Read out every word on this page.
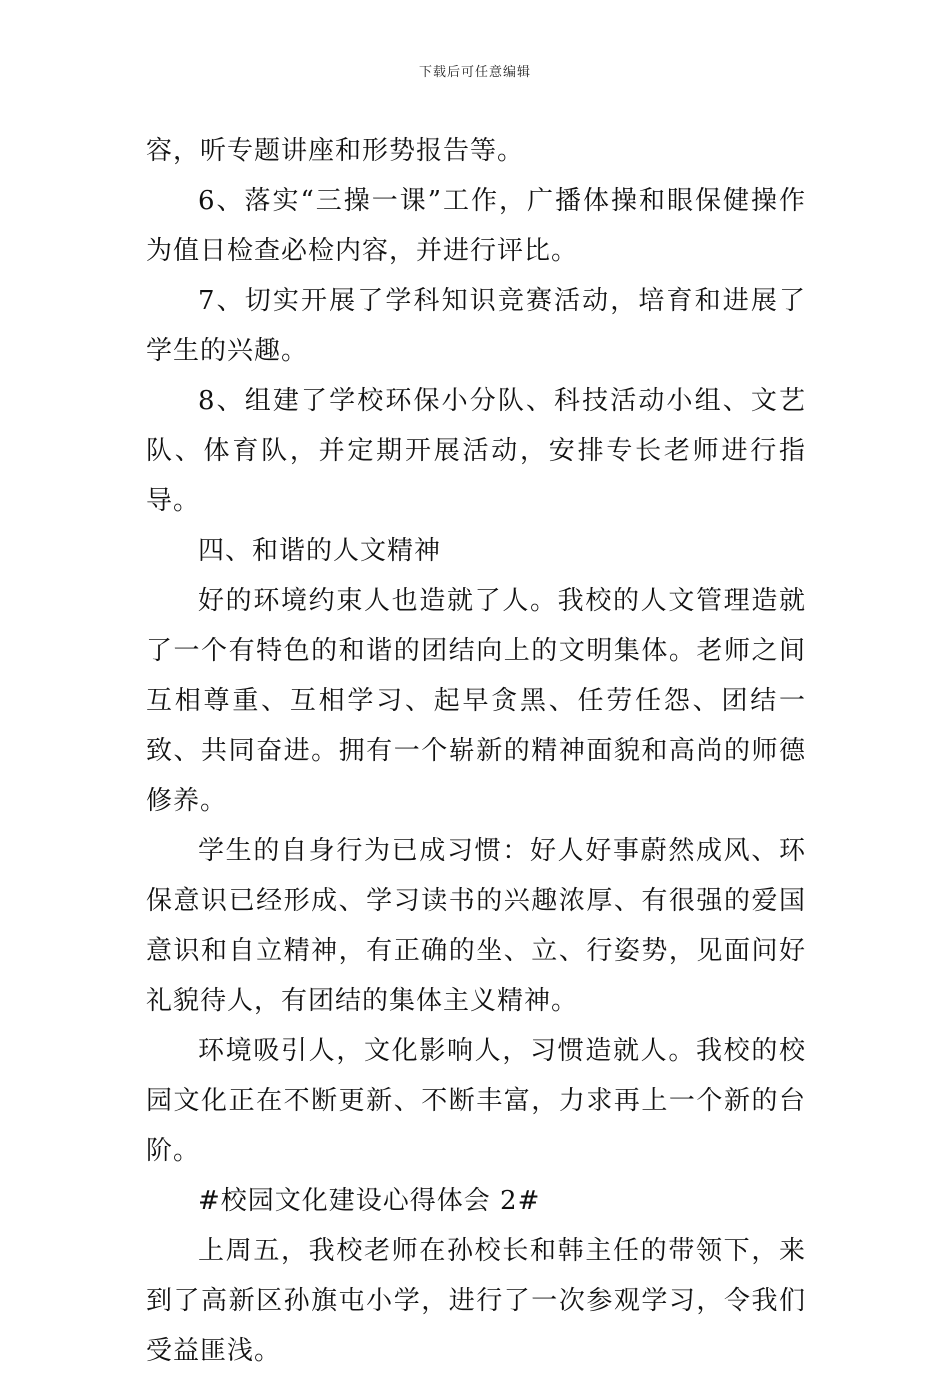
下载后可任意编辑

容，听专题讲座和形势报告等。

6、落实“三操一课”工作，广播体操和眼保健操作为值日检查必检内容，并进行评比。

7、切实开展了学科知识竞赛活动，培育和进展了学生的兴趣。

8、组建了学校环保小分队、科技活动小组、文艺队、体育队，并定期开展活动，安排专长老师进行指导。

四、和谐的人文精神

好的环境约束人也造就了人。我校的人文管理造就了一个有特色的和谐的团结向上的文明集体。老师之间互相尊重、互相学习、起早贪黑、任劳任怨、团结一致、共同奋进。拥有一个崭新的精神面貌和高尚的师德修养。

学生的自身行为已成习惯：好人好事蔚然成风、环保意识已经形成、学习读书的兴趣浓厚、有很强的爱国意识和自立精神，有正确的坐、立、行姿势，见面问好礼貌待人，有团结的集体主义精神。

环境吸引人，文化影响人，习惯造就人。我校的校园文化正在不断更新、不断丰富，力求再上一个新的台阶。

#校园文化建设心得体会 2#

上周五，我校老师在孙校长和韩主任的带领下，来到了高新区孙旗屯小学，进行了一次参观学习，令我们受益匪浅。
